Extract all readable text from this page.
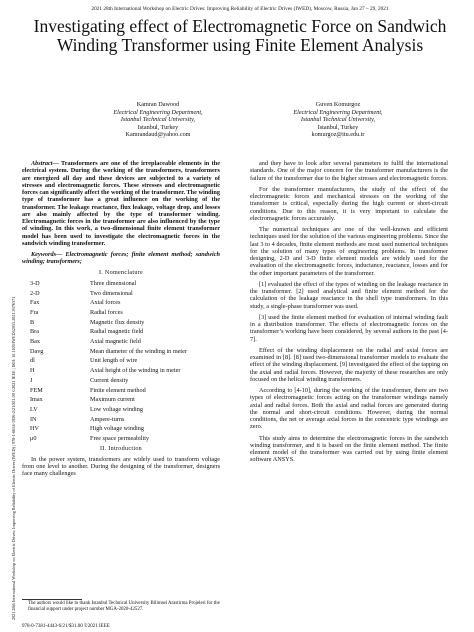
2021 28th International Workshop on Electric Drives: Improving Reliability of Electric Drives (IWED), Moscow, Russia, Jan 27 – 29, 2021
2021 28th International Workshop on Electric Drives: Improving Reliability of Electric Drives (IWED) | 978-1-6654-1956-2/21/$31.00 ©2021 IEEE | DOI: 10.1109/IWED52055.2021.9376371
Investigating effect of Electromagnetic Force on Sandwich Winding Transformer using Finite Element Analysis
Kamran Dawood
Electrical Engineering Department,
Istanbul Technical University,
Istanbul, Turkey
Kamrandaud@yahoo.com
Guven Komurgoz
Electrical Engineering Department,
Istanbul Technical University,
Istanbul, Turkey
komurgoz@itu.edu.tr

Abstract— Transformers are one of the irreplaceable elements in the electrical system. During the working of the transformers, transformers are energized all day and these devices are subjected to a variety of stresses and electromagnetic forces. These stresses and electromagnetic forces can significantly affect the working of the transformer. The winding type of transformer has a great influence on the working of the transformer. The leakage reactance, flux leakage, voltage drop, and losses are also mainly affected by the type of transformer winding. Electromagnetic forces in the transformer are also influenced by the type of winding. In this work, a two-dimensional finite element transformer model has been used to investigate the electromagnetic forces in the sandwich winding transformer.

Keywords— Electromagnetic forces; finite element method; sandwich winding; transformers;

I. Nomenclature
3-D	Three dimensional
2-D	Two dimensional
Fax	Axial forces
Fra	Radial forces
B	Magnetic flux density
Bra	Radial magnetic field
Bax	Axial magnetic field
Davg	Mean diameter of the winding in meter
dl	Unit length of wire
H	Axial height of the winding in meter
J	Current density
FEM	Finite element method
Imax	Maximum current
LV	Low voltage winding
IN	Ampere-turns
HV	High voltage winding
μ0	Free space permeability
II. Introduction

In the power system, transformers are widely used to transform voltage from one level to another. During the designing of the transformer, designers face many challenges

and they have to look after several parameters to fulfil the international standards. One of the major concern for the transformer manufacturers is the failure of the transformer due to the higher stresses and electromagnetic forces.

For the transformer manufacturers, the study of the effect of the electromagnetic forces and mechanical stresses on the working of the transformer is critical, especially during the high current or short-circuit conditions. Due to this reason, it is very important to calculate the electromagnetic forces accurately.

The numerical techniques are one of the well-known and efficient techniques used for the solution of the various engineering problems. Since the last 3 to 4 decades, finite element methods are most used numerical techniques for the solution of many types of engineering problems. In transformer designing, 2-D and 3-D finite element models are widely used for the evaluation of the electromagnetic forces, inductance, reactance, losses and for the other important parameters of the transformer.

[1] evaluated the effect of the types of winding on the leakage reactance in the transformer. [2] used analytical and finite element method for the calculation of the leakage reactance in the shell type transformers. In this study, a single-phase transformer was used.

[3] used the finite element method for evaluation of internal winding fault in a distribution transformer. The effects of electromagnetic forces on the transformer’s working have been considered, by several authors in the past [4-7].

Effect of the winding displacement on the radial and axial forces are examined in [8]. [8] used two-dimensional transformer models to evaluate the effect of the winding displacement. [9] investigated the effect of the tapping on the axial and radial forces. However, the majority of these researches are only focused on the helical winding transformers.

According to [4-10], during the working of the transformer, there are two types of electromagnetic forces acting on the transformer windings namely axial and radial forces. Both the axial and radial forces are generated during the normal and short-circuit conditions. However, during the normal conditions, the net or average axial forces in the concentric type windings are zero.

This study aims to determine the electromagnetic forces in the sandwich winding transformer, and it is based on the finite element method. The finite element model of the transformer was carried out by using finite element software ANSYS.

The authors would like to thank Istanbul Technical University Bilimsel Arastirma Projeleri for the financial support under project number MGA-2020-42527.
978-0-7381-4443-6/21/$31.00 ©2021 IEEE
